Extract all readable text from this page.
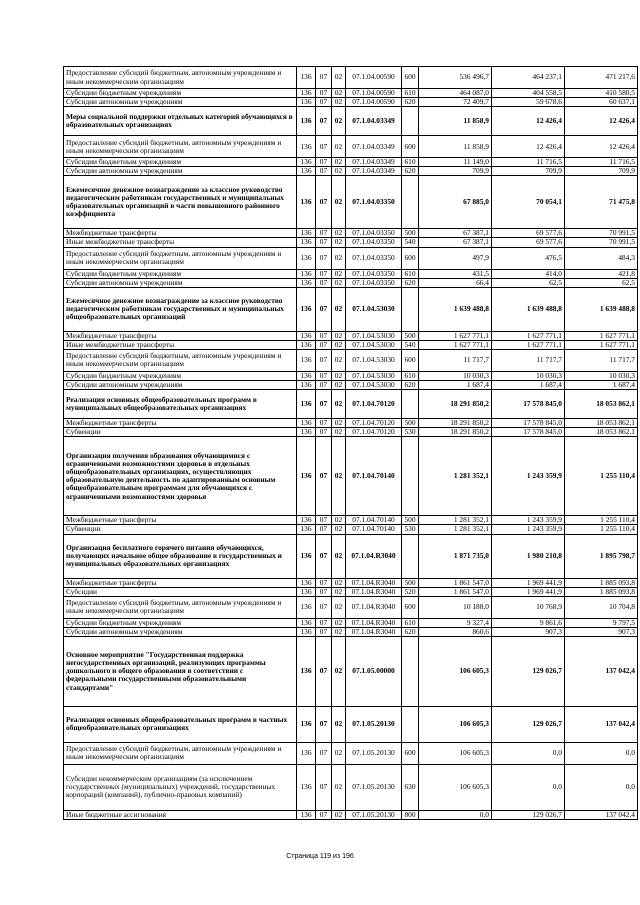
Предоставление субсидий бюджетным, автономным учреждениям и иным некоммерческим организациям	136	07	02	07.1.04.00590	600	536 496,7	464 237,1	471 217,6
Субсидии бюджетным учреждениям	136	07	02	07.1.04.00590	610	464 087,0	404 558,5	410 580,5
Субсидии автономным учреждениям	136	07	02	07.1.04.00590	620	72 409,7	59 678,6	60 637,1
Меры социальной поддержки отдельных категорий обучающихся в образовательных организациях	136	07	02	07.1.04.03349		11 858,9	12 426,4	12 426,4
Предоставление субсидий бюджетным, автономным учреждениям и иным некоммерческим организациям	136	07	02	07.1.04.03349	600	11 858,9	12 426,4	12 426,4
Субсидии бюджетным учреждениям	136	07	02	07.1.04.03349	610	11 149,0	11 716,5	11 716,5
Субсидии автономным учреждениям	136	07	02	07.1.04.03349	620	709,9	709,9	709,9
Ежемесячное денежное вознаграждение за классное руководство педагогическим работникам государственных и муниципальных образовательных организаций в части повышенного районного коэффициента	136	07	02	07.1.04.03350		67 885,0	70 054,1	71 475,8
Межбюджетные трансферты	136	07	02	07.1.04.03350	500	67 387,1	69 577,6	70 991,5
Иные межбюджетные трансферты	136	07	02	07.1.04.03350	540	67 387,1	69 577,6	70 991,5
Предоставление субсидий бюджетным, автономным учреждениям и иным некоммерческим организациям	136	07	02	07.1.04.03350	600	497,9	476,5	484,3
Субсидии бюджетным учреждениям	136	07	02	07.1.04.03350	610	431,5	414,0	421,8
Субсидии автономным учреждениям	136	07	02	07.1.04.03350	620	66,4	62,5	62,5
Ежемесячное денежное вознаграждение за классное руководство педагогическим работникам государственных и муниципальных общеобразовательных организаций	136	07	02	07.1.04.53030		1 639 488,8	1 639 488,8	1 639 488,8
Межбюджетные трансферты	136	07	02	07.1.04.53030	500	1 627 771,1	1 627 771,1	1 627 771,1
Иные межбюджетные трансферты	136	07	02	07.1.04.53030	540	1 627 771,1	1 627 771,1	1 627 771,1
Предоставление субсидий бюджетным, автономным учреждениям и иным некоммерческим организациям	136	07	02	07.1.04.53030	600	11 717,7	11 717,7	11 717,7
Субсидии бюджетным учреждениям	136	07	02	07.1.04.53030	610	10 030,3	10 030,3	10 030,3
Субсидии автономным учреждениям	136	07	02	07.1.04.53030	620	1 687,4	1 687,4	1 687,4
Реализация основных общеобразовательных программ в муниципальных общеобразовательных организациях	136	07	02	07.1.04.70120		18 291 850,2	17 578 845,0	18 053 862,1
Межбюджетные трансферты	136	07	02	07.1.04.70120	500	18 291 850,2	17 578 845,0	18 053 862,1
Субвенции	136	07	02	07.1.04.70120	530	18 291 850,2	17 578 845,0	18 053 862,1
Организация получения образования обучающимися с ограниченными возможностями здоровья в отдельных общеобразовательных организациях, осуществляющих образовательную деятельность по адаптированным основным общеобразовательным программам для обучающихся с ограниченными возможностями здоровья	136	07	02	07.1.04.70140		1 281 352,1	1 243 359,9	1 255 110,4
Межбюджетные трансферты	136	07	02	07.1.04.70140	500	1 281 352,1	1 243 359,9	1 255 110,4
Субвенции	136	07	02	07.1.04.70140	530	1 281 352,1	1 243 359,9	1 255 110,4
Организация бесплатного горячего питания обучающихся, получающих начальное общее образование в государственных и муниципальных образовательных организациях	136	07	02	07.1.04.R3040		1 871 735,0	1 980 210,8	1 895 798,7
Межбюджетные трансферты	136	07	02	07.1.04.R3040	500	1 861 547,0	1 969 441,9	1 885 093,8
Субсидии	136	07	02	07.1.04.R3040	520	1 861 547,0	1 969 441,9	1 885 093,8
Предоставление субсидий бюджетным, автономным учреждениям и иным некоммерческим организациям	136	07	02	07.1.04.R3040	600	10 188,0	10 768,9	10 704,8
Субсидии бюджетным учреждениям	136	07	02	07.1.04.R3040	610	9 327,4	9 861,6	9 797,5
Субсидии автономным учреждениям	136	07	02	07.1.04.R3040	620	860,6	907,3	907,3
Основное мероприятие "Государственная поддержка негосударственных организаций, реализующих программы дошкольного и общего образования в соответствии с федеральными государственными образовательными стандартами"	136	07	02	07.1.05.00000		106 605,3	129 026,7	137 042,4
Реализация основных общеобразовательных программ в частных общеобразовательных организациях	136	07	02	07.1.05.20130		106 605,3	129 026,7	137 042,4
Предоставление субсидий бюджетным, автономным учреждениям и иным некоммерческим организациям	136	07	02	07.1.05.20130	600	106 605,3	0,0	0,0
Субсидии некоммерческим организациям (за исключением государственных (муниципальных) учреждений, государственных корпораций (компаний), публично-правовых компаний)	136	07	02	07.1.05.20130	630	106 605,3	0,0	0,0
Иные бюджетные ассигнования	136	07	02	07.1.05.20130	800	0,0	129 026,7	137 042,4
Страница 119 из 196
